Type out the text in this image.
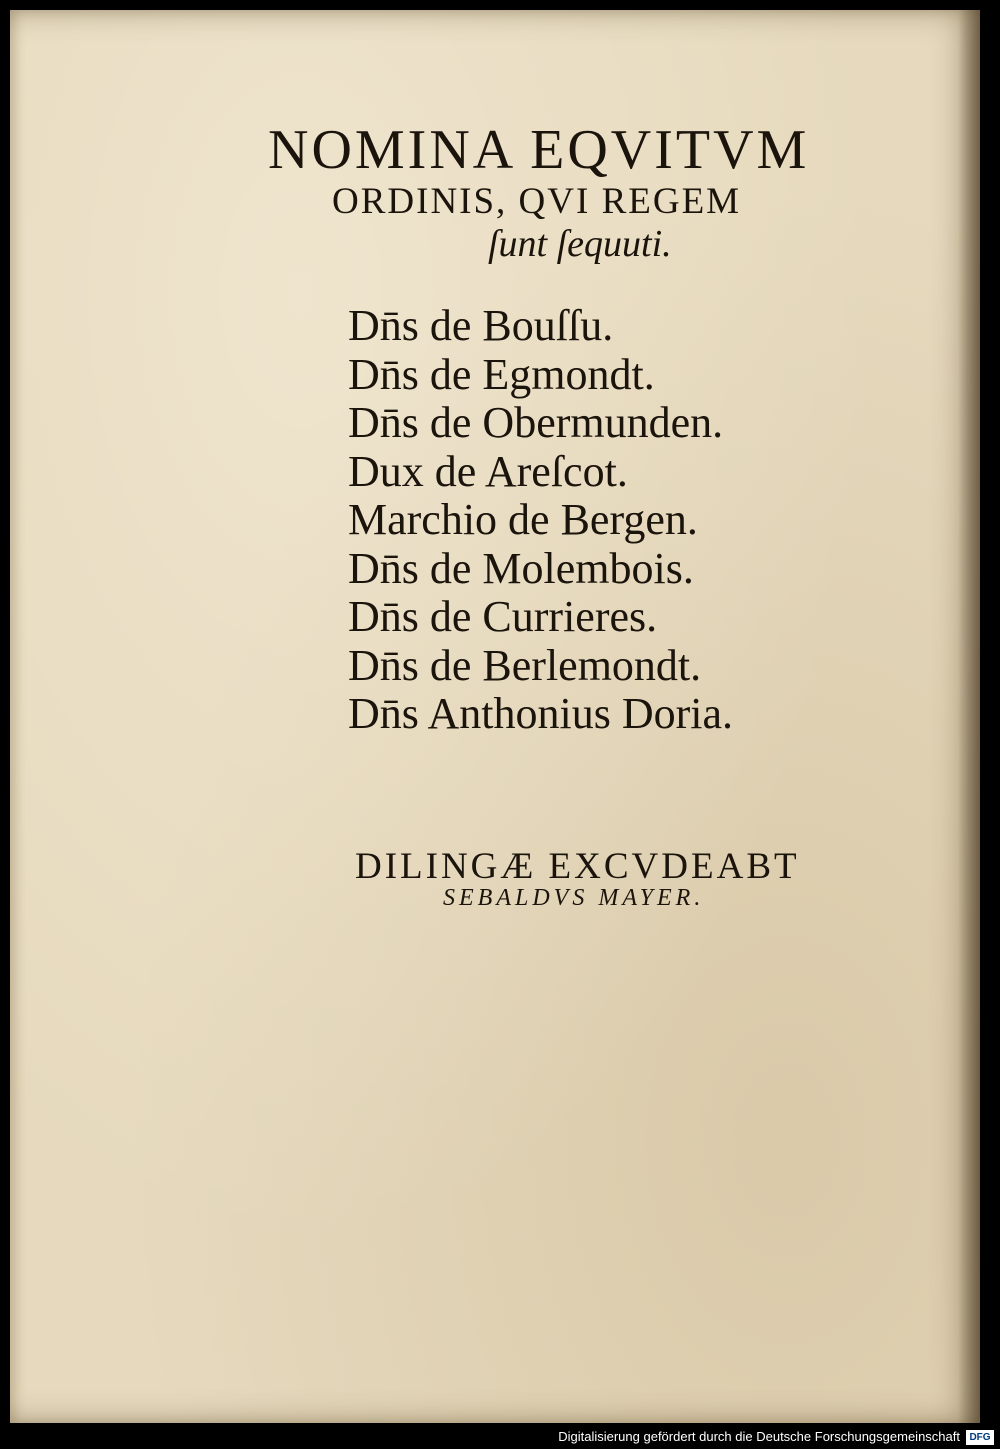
NOMINA EQVITVM
ORDINIS, QVI REGEM
ſunt ſequuti.
Dn̄s de Bouſſu.
Dn̄s de Egmondt.
Dn̄s de Obermunden.
Dux de Areſcot.
Marchio de Bergen.
Dn̄s de Molembois.
Dn̄s de Currieres.
Dn̄s de Berlemondt.
Dn̄s Anthonius Doria.
DILINGÆ EXCVDEABT
SEBALDVS MAYER.
Digitalisierung gefördert durch die Deutsche Forschungsgemeinschaft DFG
